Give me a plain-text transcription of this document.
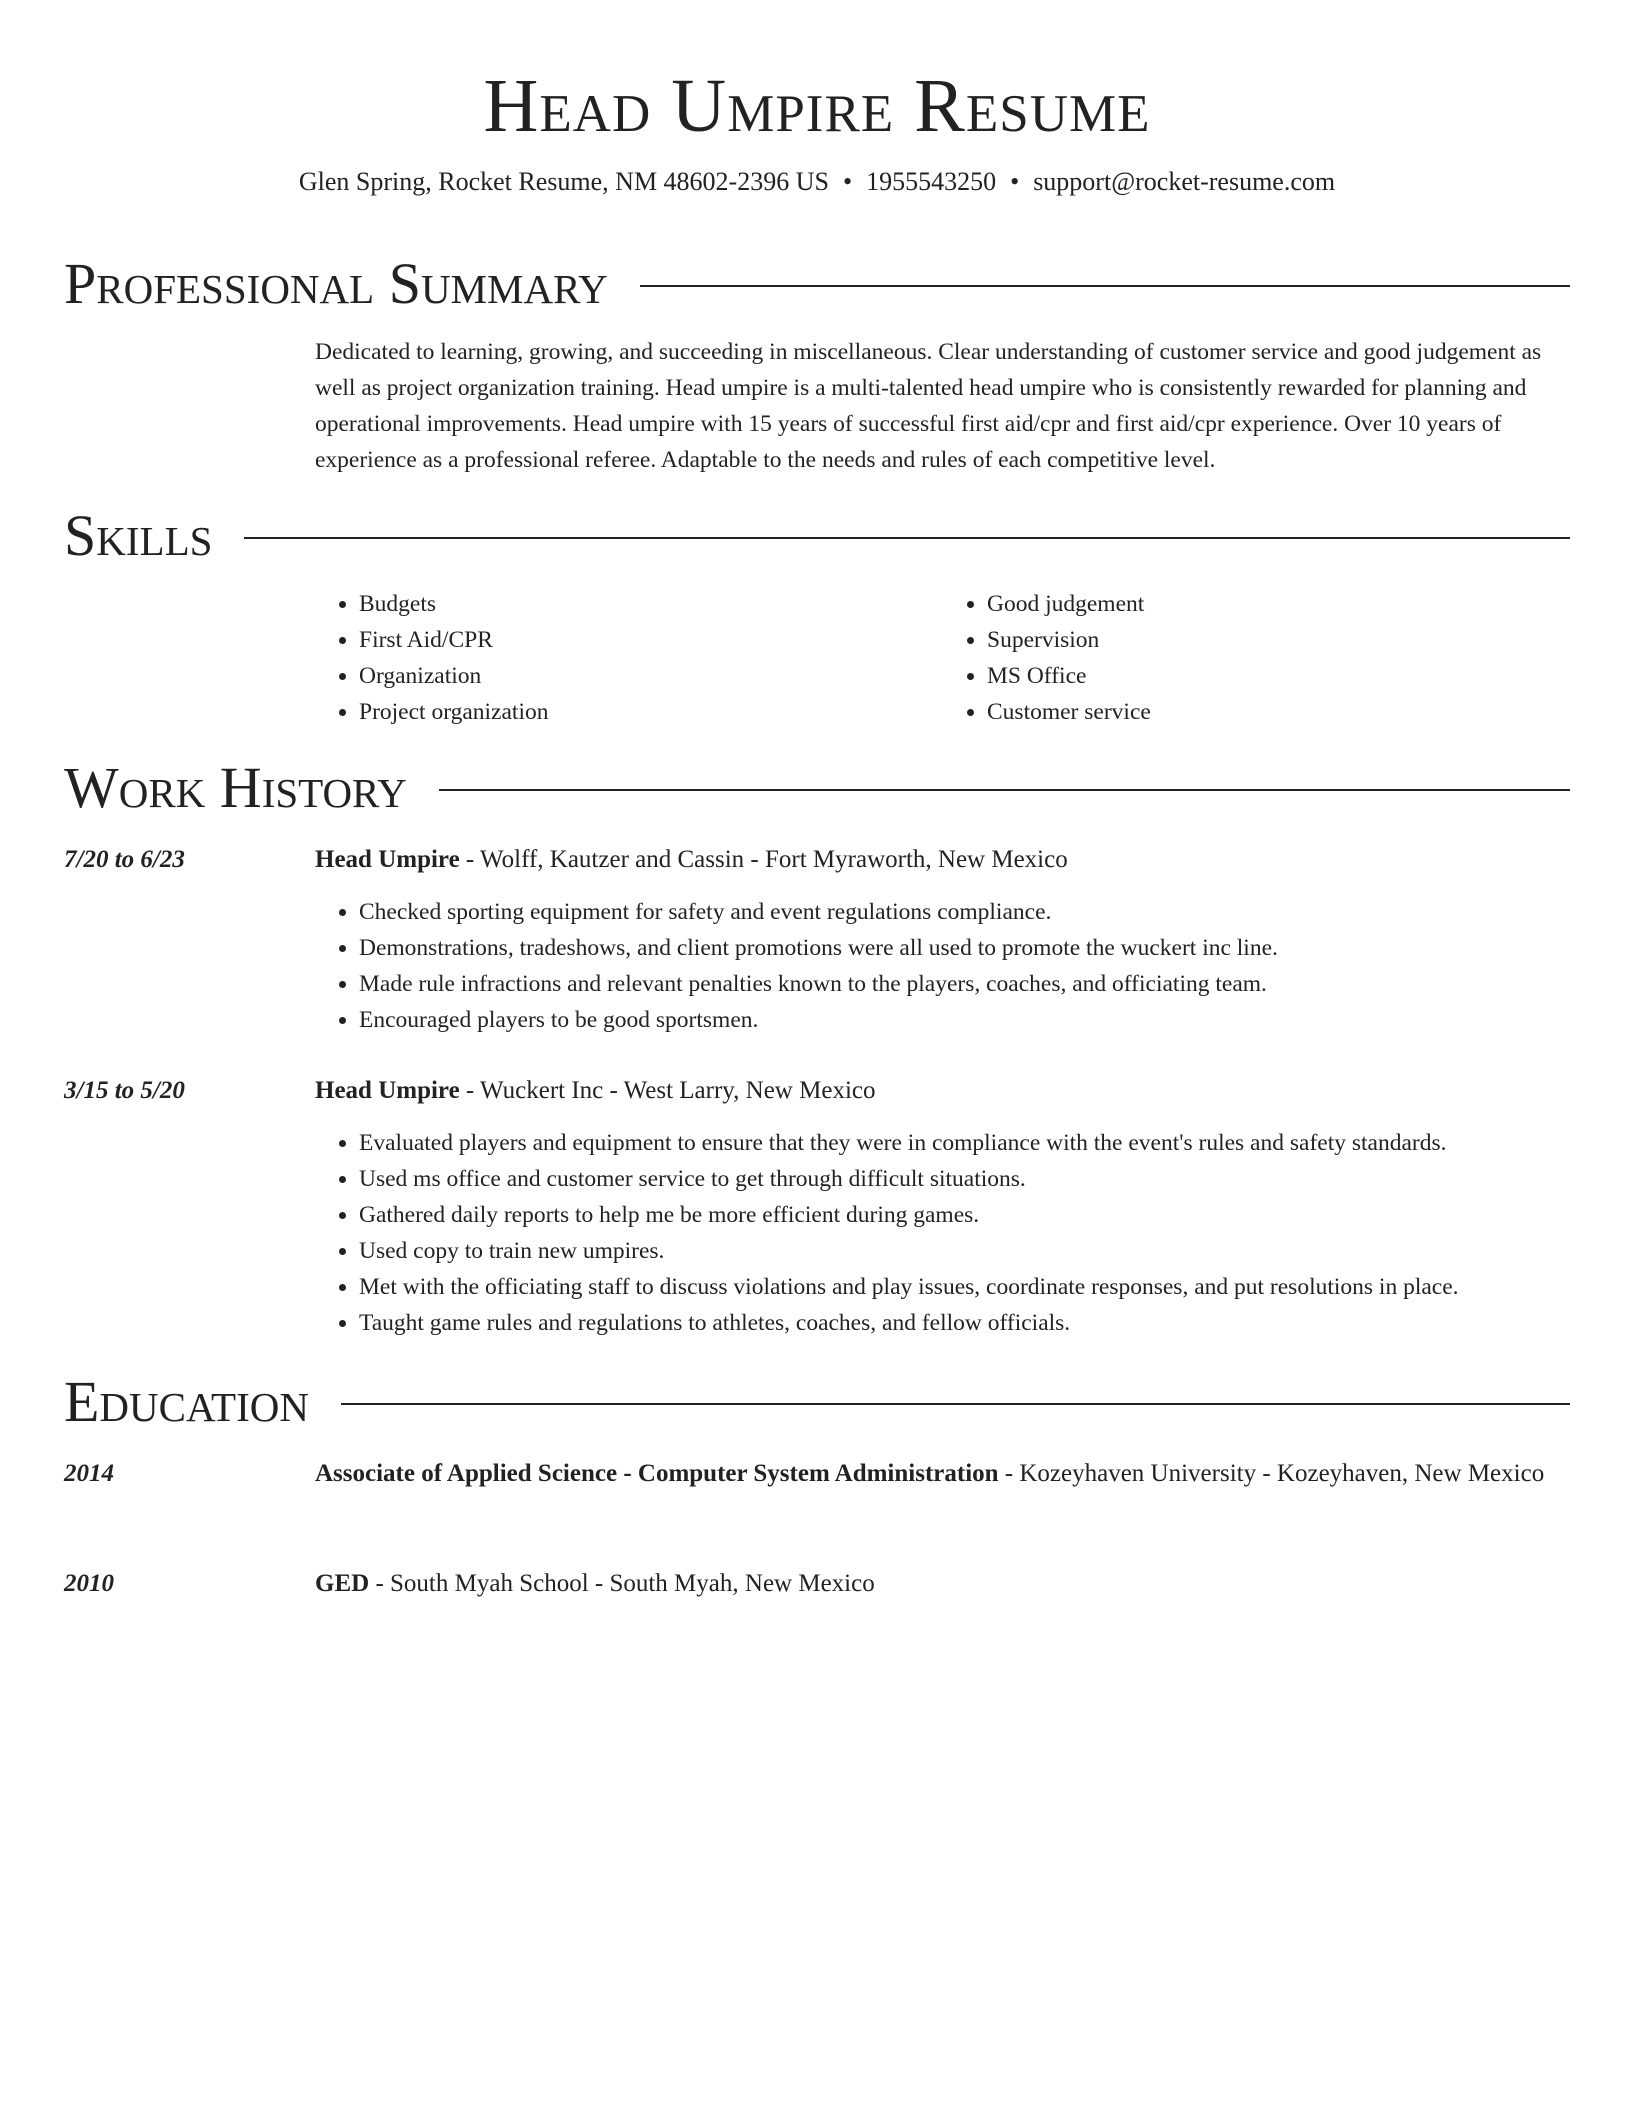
Head Umpire Resume
Glen Spring, Rocket Resume, NM 48602-2396 US • 1955543250 • support@rocket-resume.com
Professional Summary

Dedicated to learning, growing, and succeeding in miscellaneous. Clear understanding of customer service and good judgement as well as project organization training. Head umpire is a multi-talented head umpire who is consistently rewarded for planning and operational improvements. Head umpire with 15 years of successful first aid/cpr and first aid/cpr experience. Over 10 years of experience as a professional referee. Adaptable to the needs and rules of each competitive level.

Skills
• Budgets
• First Aid/CPR
• Organization
• Project organization
• Good judgement
• Supervision
• MS Office
• Customer service
Work History
7/20 to 6/23	Head Umpire - Wolff, Kautzer and Cassin - Fort Myraworth, New Mexico
• Checked sporting equipment for safety and event regulations compliance.
• Demonstrations, tradeshows, and client promotions were all used to promote the wuckert inc line.
• Made rule infractions and relevant penalties known to the players, coaches, and officiating team.
• Encouraged players to be good sportsmen.
3/15 to 5/20	Head Umpire - Wuckert Inc - West Larry, New Mexico
• Evaluated players and equipment to ensure that they were in compliance with the event's rules and safety standards.
• Used ms office and customer service to get through difficult situations.
• Gathered daily reports to help me be more efficient during games.
• Used copy to train new umpires.
• Met with the officiating staff to discuss violations and play issues, coordinate responses, and put resolutions in place.
• Taught game rules and regulations to athletes, coaches, and fellow officials.
Education
2014	Associate of Applied Science - Computer System Administration - Kozeyhaven University - Kozeyhaven, New Mexico
2010	GED - South Myah School - South Myah, New Mexico
